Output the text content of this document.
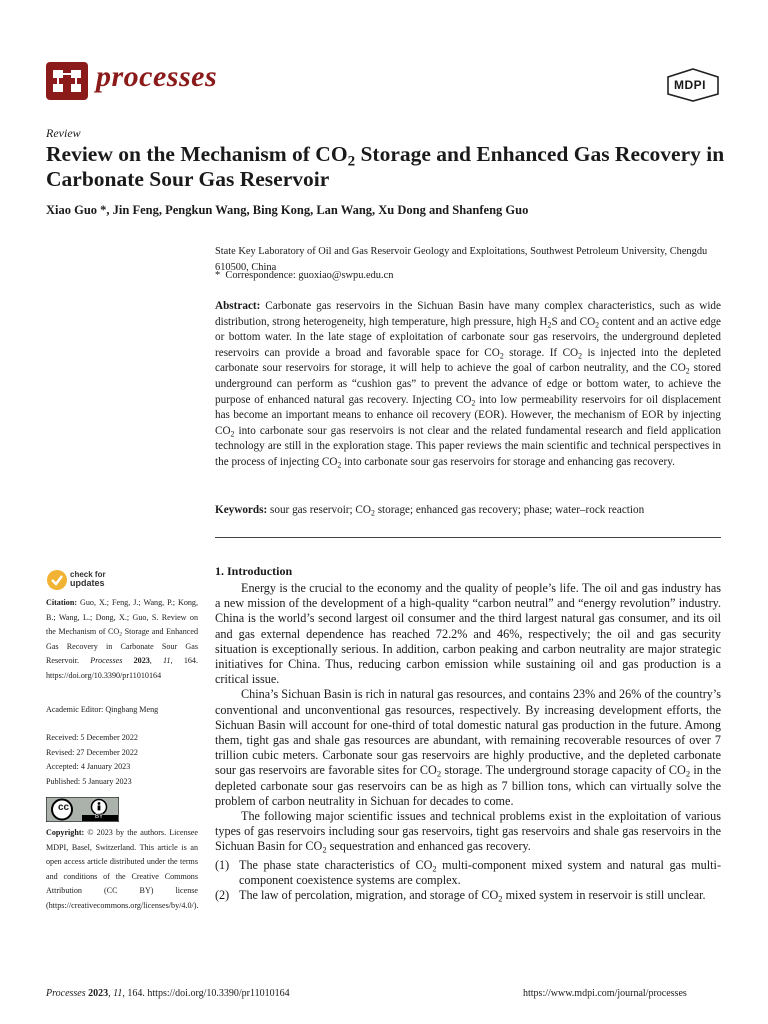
processes	MDPI
Review
Review on the Mechanism of $CO_2$ Storage and Enhanced Gas Recovery in Carbonate Sour Gas Reservoir
Xiao Guo *, Jin Feng, Pengkun Wang, Bing Kong, Lan Wang, Xu Dong and Shanfeng Guo
State Key Laboratory of Oil and Gas Reservoir Geology and Exploitations, Southwest Petroleum University, Chengdu 610500, China
* Correspondence: guoxiao@swpu.edu.cn
Abstract: Carbonate gas reservoirs in the Sichuan Basin have many complex characteristics, such as wide distribution, strong heterogeneity, high temperature, high pressure, high $H_2S$ and $CO_2$ content and an active edge or bottom water. In the late stage of exploitation of carbonate sour gas reservoirs, the underground depleted reservoirs can provide a broad and favorable space for $CO_2$ storage. If $CO_2$ is injected into the depleted carbonate sour reservoirs for storage, it will help to achieve the goal of carbon neutrality, and the $CO_2$ stored underground can perform as “cushion gas” to prevent the advance of edge or bottom water, to achieve the purpose of enhanced natural gas recovery. Injecting $CO_2$ into low permeability reservoirs for oil displacement has become an important means to enhance oil recovery (EOR). However, the mechanism of EOR by injecting $CO_2$ into carbonate sour gas reservoirs is not clear and the related fundamental research and field application technology are still in the exploration stage. This paper reviews the main scientific and technical perspectives in the process of injecting $CO_2$ into carbonate sour gas reservoirs for storage and enhancing gas recovery.
Keywords: sour gas reservoir; $CO_2$ storage; enhanced gas recovery; phase; water–rock reaction
1. Introduction

Energy is the crucial to the economy and the quality of people’s life. The oil and gas industry has a new mission of the development of a high-quality “carbon neutral” and “energy revolution” industry. China is the world’s second largest oil consumer and the third largest natural gas consumer, and its oil and gas external dependence has reached 72.2% and 46%, respectively; the oil and gas security situation is exceptionally serious. In addition, carbon peaking and carbon neutrality are major strategic initiatives for China. Thus, reducing carbon emission while sustaining oil and gas production is a critical issue.

China’s Sichuan Basin is rich in natural gas resources, and contains 23% and 26% of the country’s conventional and unconventional gas resources, respectively. By increasing development efforts, the Sichuan Basin will account for one-third of total domestic natural gas production in the future. Among them, tight gas and shale gas resources are abundant, with remaining recoverable resources of over 7 trillion cubic meters. Carbonate sour gas reservoirs are highly productive, and the depleted carbonate sour gas reservoirs are favorable sites for $CO_2$ storage. The underground storage capacity of $CO_2$ in the depleted carbonate sour gas reservoirs can be as high as 7 billion tons, which can virtually solve the problem of carbon neutrality in Sichuan for decades to come.

The following major scientific issues and technical problems exist in the exploitation of various types of gas reservoirs including sour gas reservoirs, tight gas reservoirs and shale gas reservoirs in the Sichuan Basin for $CO_2$ sequestration and enhanced gas recovery.

(1) The phase state characteristics of $CO_2$ multi-component mixed system and natural gas multi-component coexistence systems are complex.
(2) The law of percolation, migration, and storage of $CO_2$ mixed system in reservoir is still unclear.
check for
updates
Citation: Guo, X.; Feng, J.; Wang, P.; Kong, B.; Wang, L.; Dong, X.; Guo, S. Review on the Mechanism of $CO_2$ Storage and Enhanced Gas Recovery in Carbonate Sour Gas Reservoir. Processes 2023, 11, 164. https://doi.org/10.3390/pr11010164
Academic Editor: Qingbang Meng
Received: 5 December 2022
Revised: 27 December 2022
Accepted: 4 January 2023
Published: 5 January 2023
cc
BY
Copyright: © 2023 by the authors. Licensee MDPI, Basel, Switzerland. This article is an open access article distributed under the terms and conditions of the Creative Commons Attribution (CC BY) license (https://creativecommons.org/licenses/by/4.0/).
Processes 2023, 11, 164. https://doi.org/10.3390/pr11010164	https://www.mdpi.com/journal/processes
